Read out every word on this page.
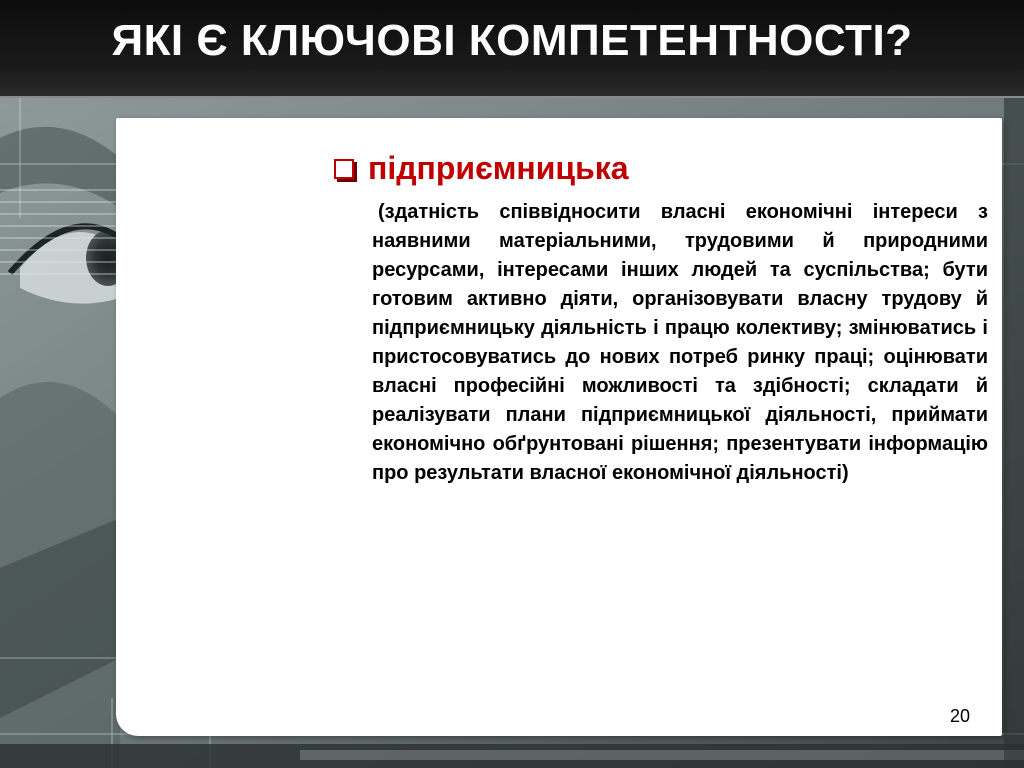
ЯКІ Є КЛЮЧОВІ КОМПЕТЕНТНОСТІ?
підприємницька
(здатність співвідносити власні економічні інтереси з наявними матеріальними, трудовими й природними ресурсами, інтересами інших людей та суспільства; бути готовим активно діяти, організовувати власну трудову й підприємницьку діяльність і працю колективу; змінюватись і пристосовуватись до нових потреб ринку праці; оцінювати власні професійні можливості та здібності; складати й реалізувати плани підприємницької діяльності, приймати економічно обґрунтовані рішення; презентувати інформацію про результати власної економічної діяльності)
20
